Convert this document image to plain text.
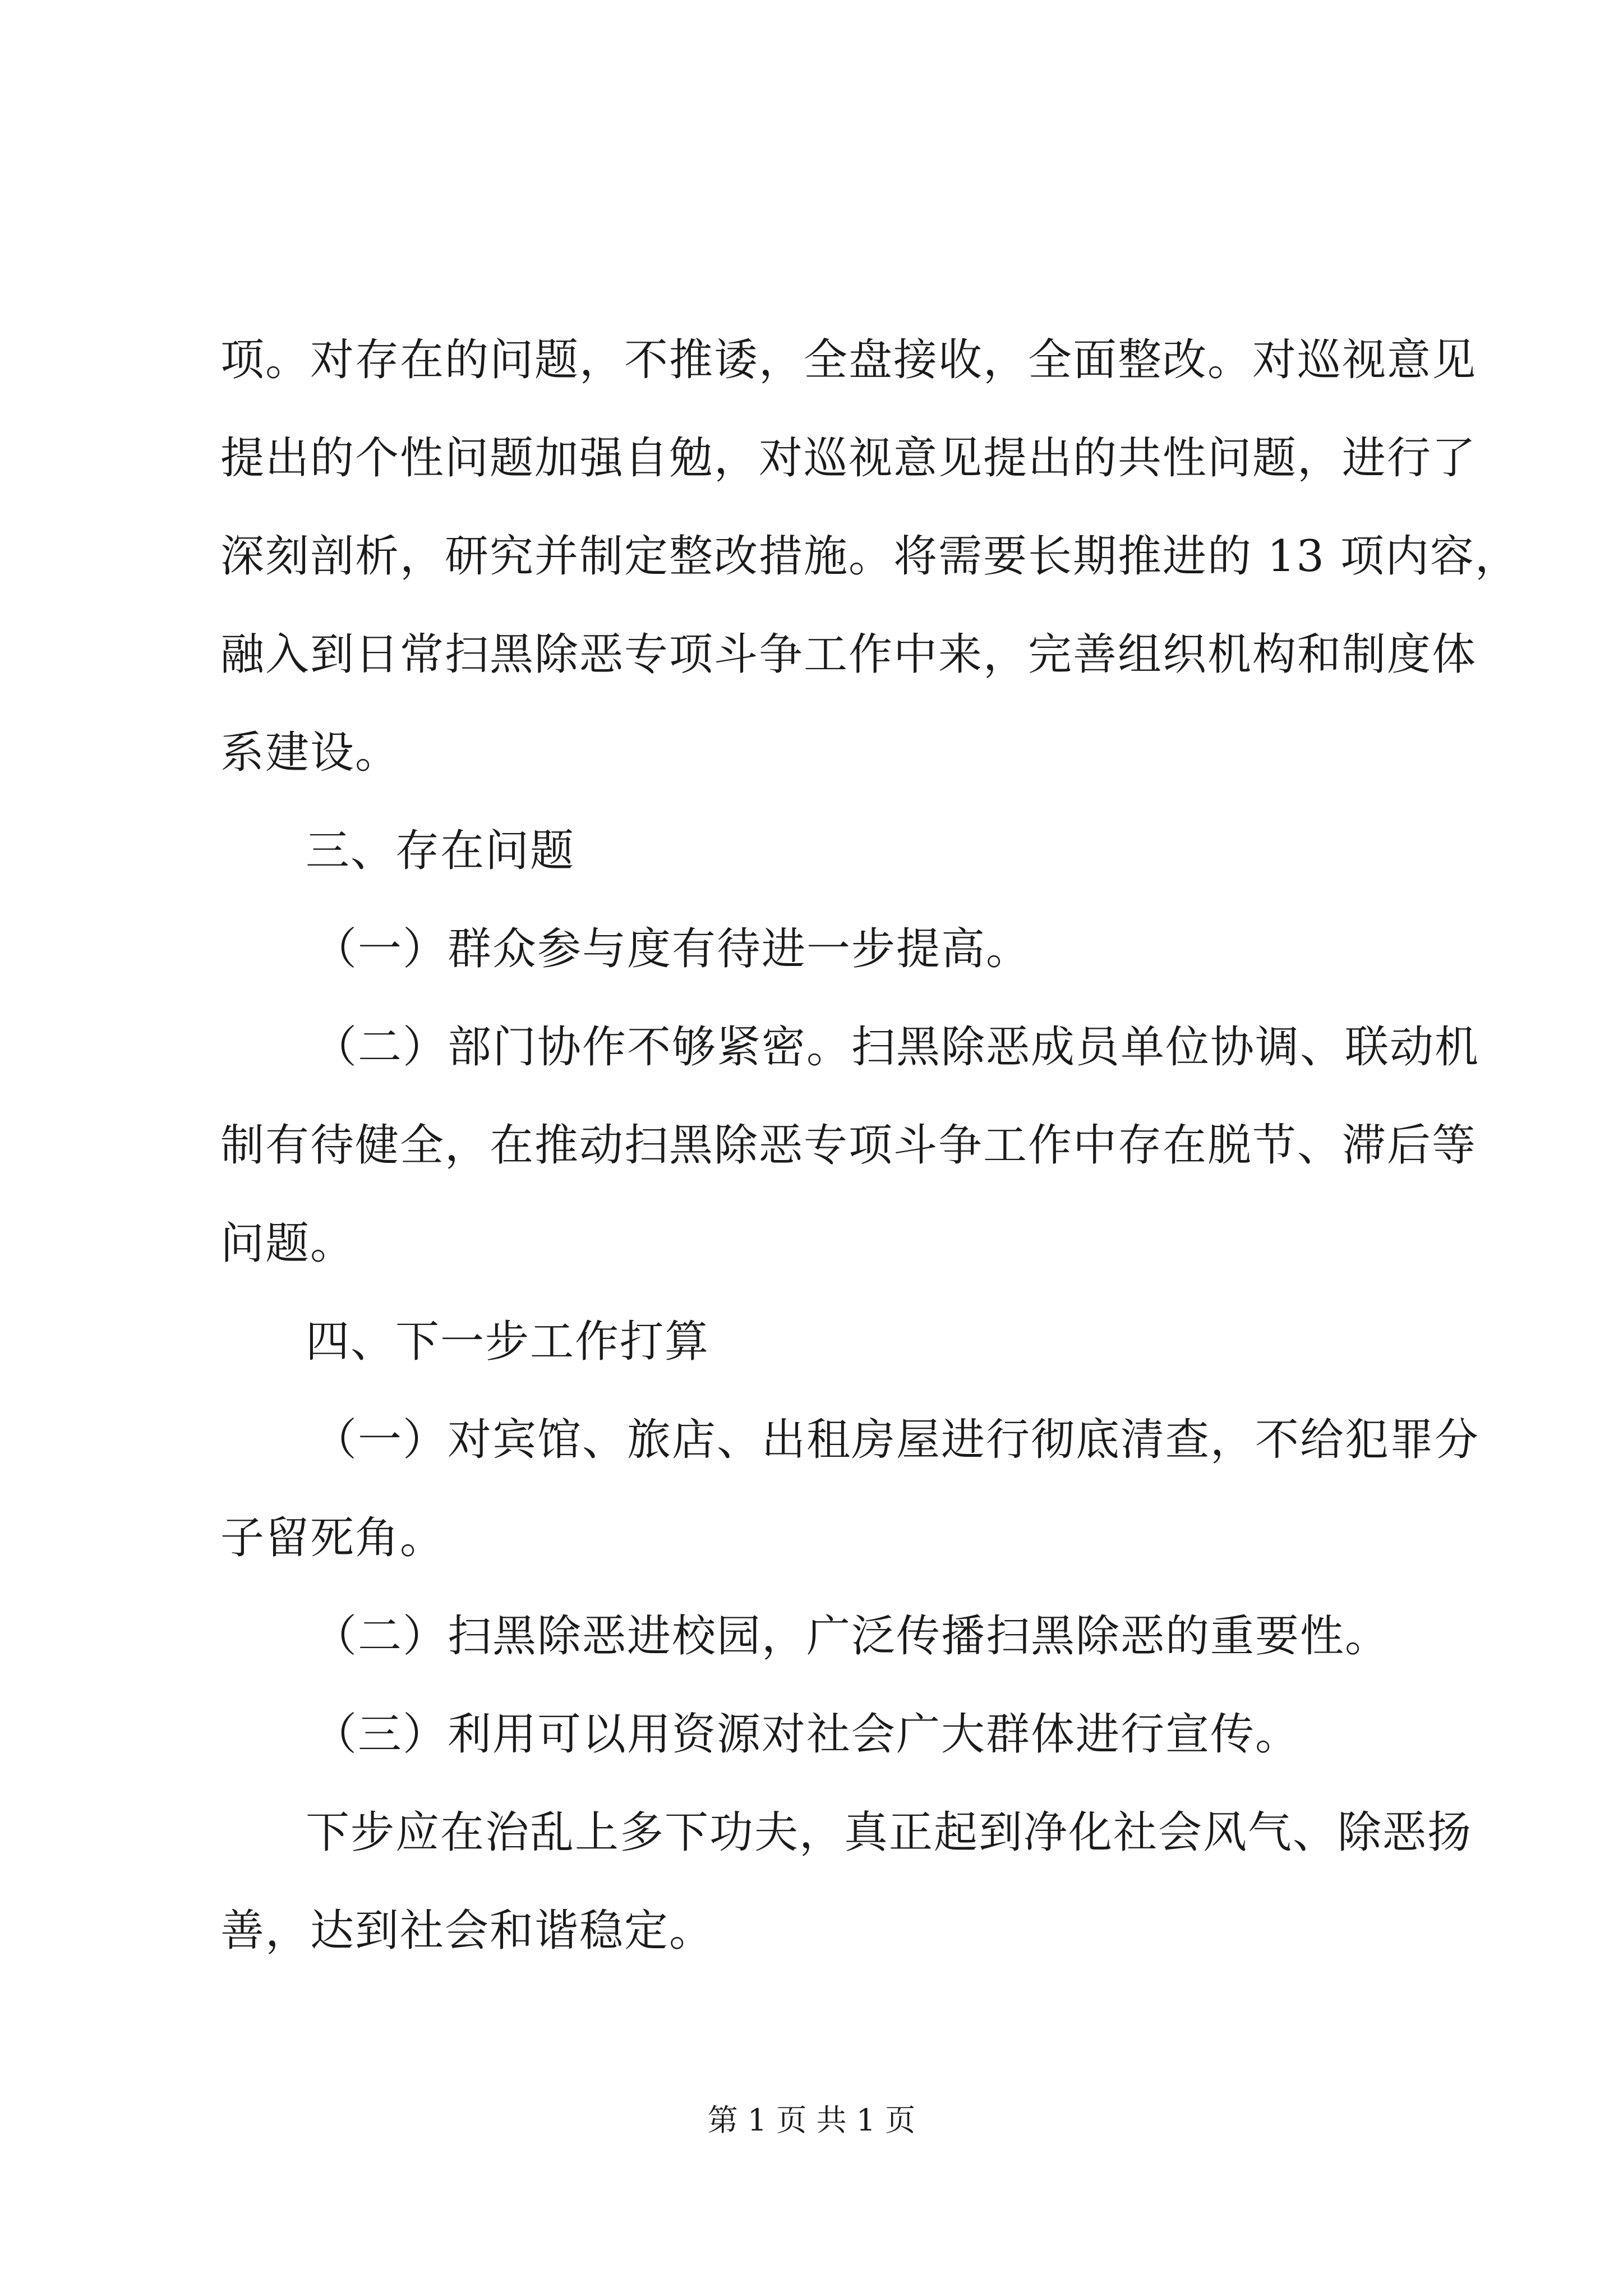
项。对存在的问题，不推诿，全盘接收，全面整改。对巡视意见
提出的个性问题加强自勉，对巡视意见提出的共性问题，进行了
深刻剖析，研究并制定整改措施。将需要长期推进的 13 项内容，
融入到日常扫黑除恶专项斗争工作中来，完善组织机构和制度体
系建设。
三、存在问题
（一）群众参与度有待进一步提高。
（二）部门协作不够紧密。扫黑除恶成员单位协调、联动机
制有待健全，在推动扫黑除恶专项斗争工作中存在脱节、滞后等
问题。
四、下一步工作打算
（一）对宾馆、旅店、出租房屋进行彻底清查，不给犯罪分
子留死角。
（二）扫黑除恶进校园，广泛传播扫黑除恶的重要性。
（三）利用可以用资源对社会广大群体进行宣传。
下步应在治乱上多下功夫，真正起到净化社会风气、除恶扬
善，达到社会和谐稳定。
第 1 页 共 1 页
